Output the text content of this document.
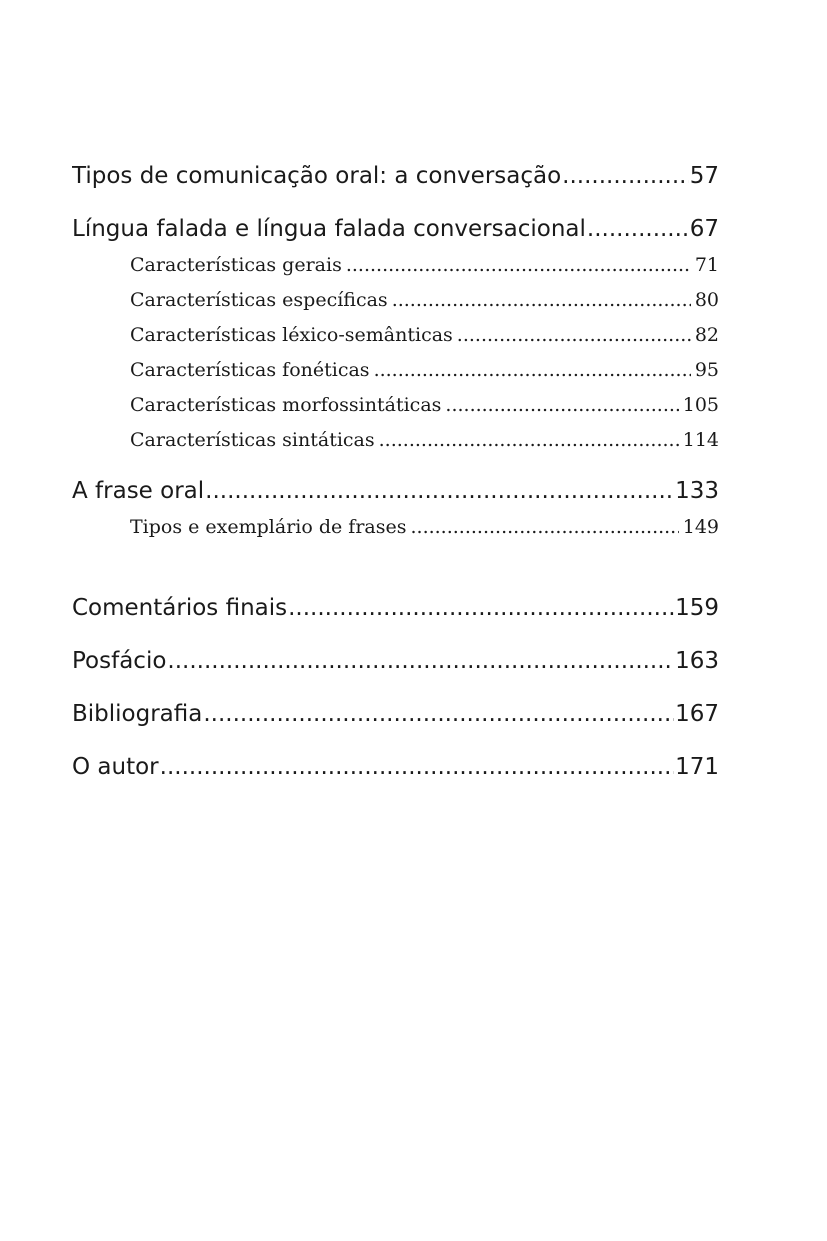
Tipos de comunicação oral: a conversação .....	57
Língua falada e língua falada conversacional .....	67
Características gerais .....	71
Características específicas .....	80
Características léxico-semânticas .....	82
Características fonéticas .....	95
Características morfossintáticas .....	105
Características sintáticas .....	114
A frase oral .....	133
Tipos e exemplário de frases .....	149
Comentários finais .....	159
Posfácio .....	163
Bibliografia .....	167
O autor .....	171
